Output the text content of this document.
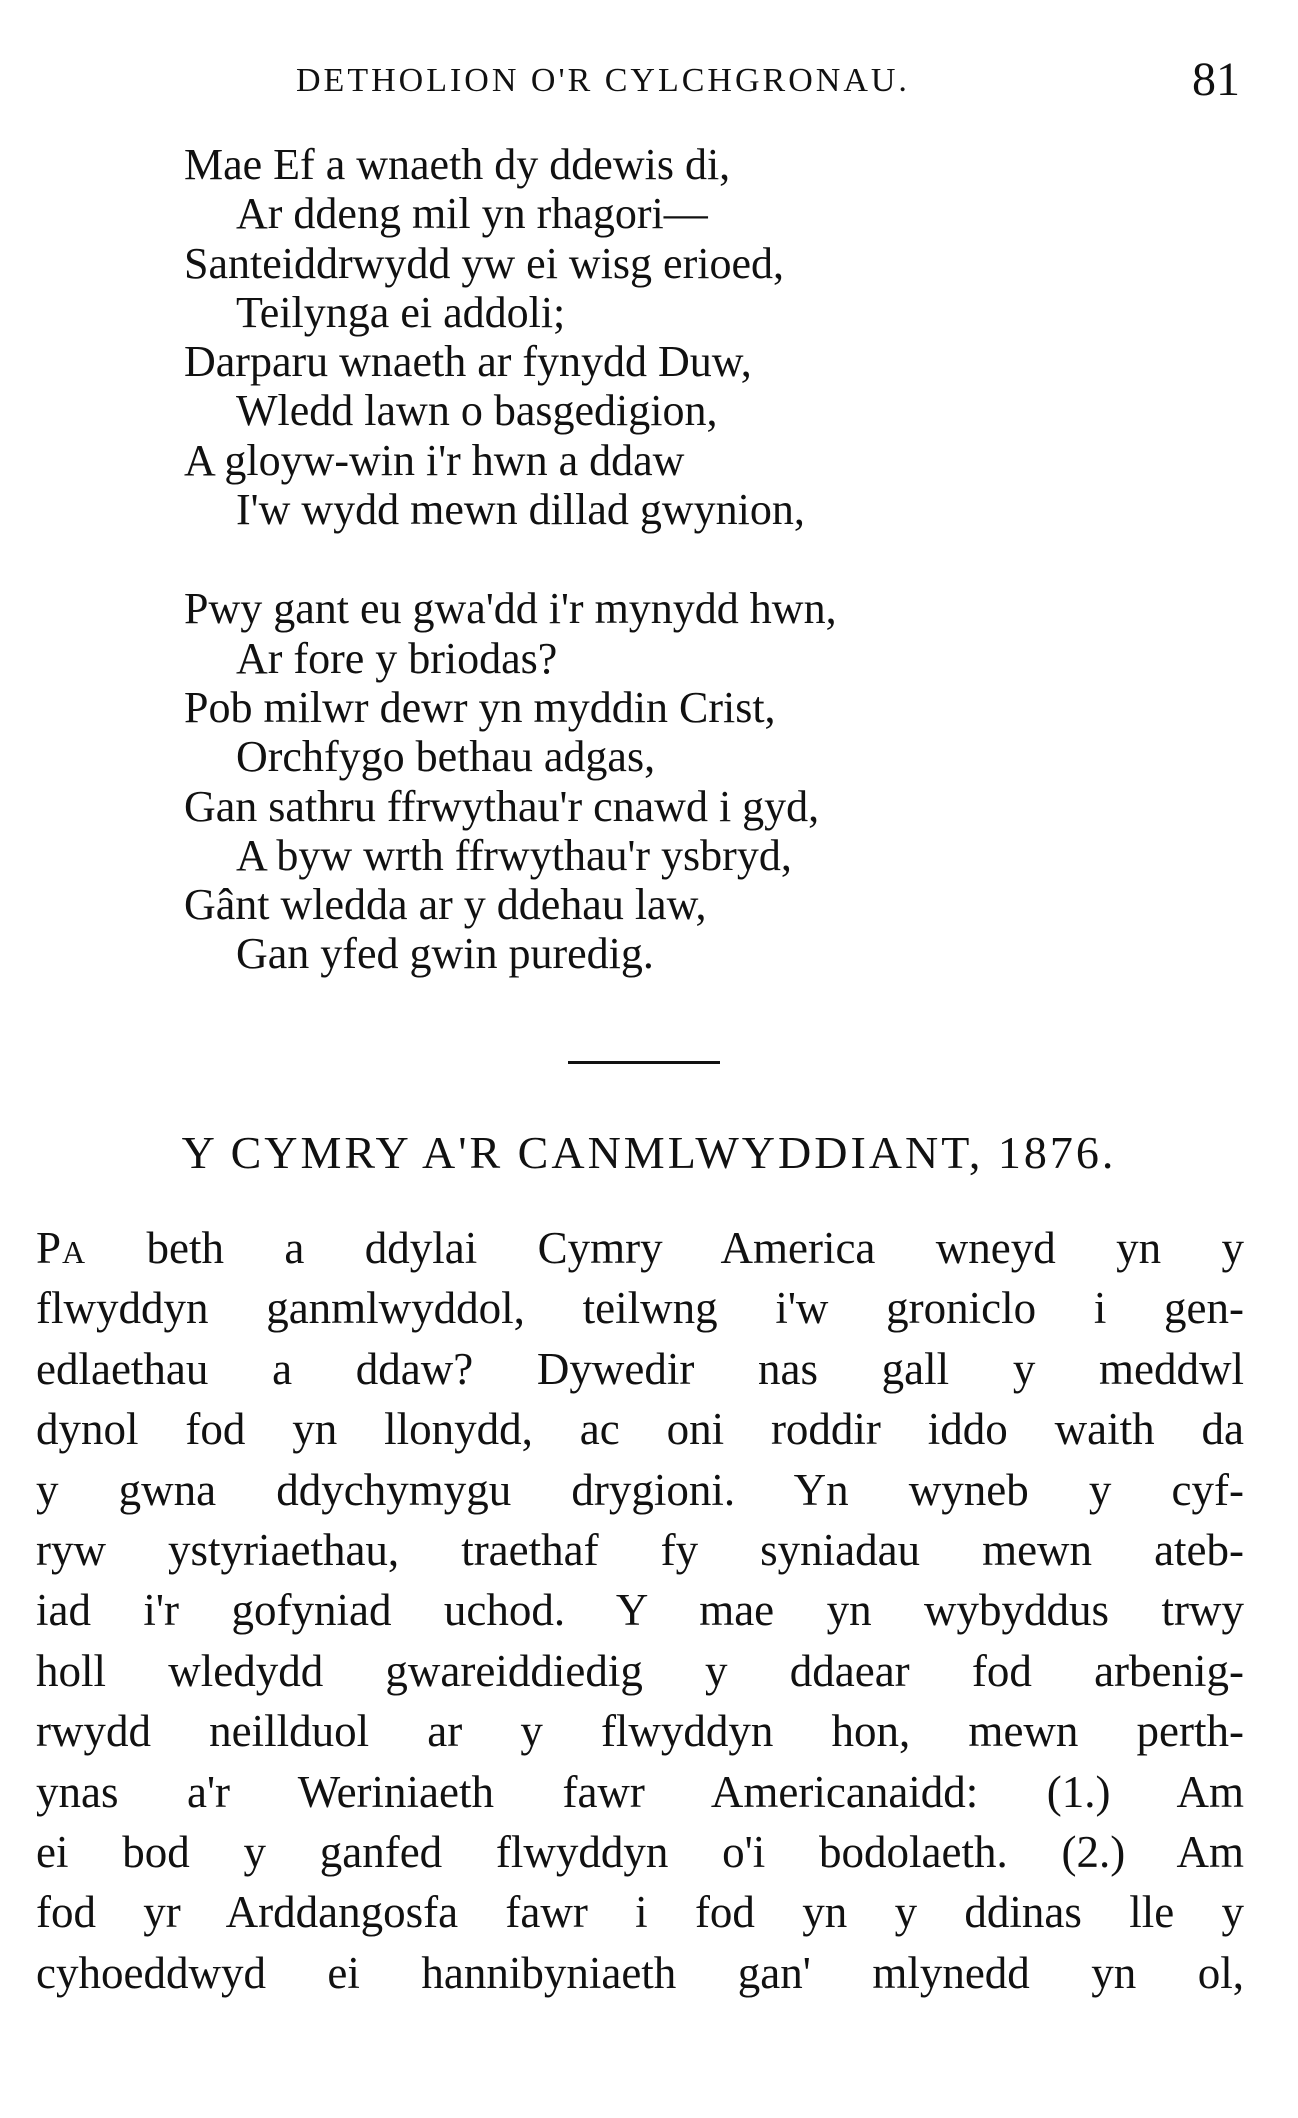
DETHOLION O'R CYLCHGRONAU.	81
Mae Ef a wnaeth dy ddewis di,
Ar ddeng mil yn rhagori—
Santeiddrwydd yw ei wisg erioed,
Teilynga ei addoli;
Darparu wnaeth ar fynydd Duw,
Wledd lawn o basgedigion,
A gloyw-win i'r hwn a ddaw
I'w wydd mewn dillad gwynion,
Pwy gant eu gwa'dd i'r mynydd hwn,
Ar fore y briodas?
Pob milwr dewr yn myddin Crist,
Orchfygo bethau adgas,
Gan sathru ffrwythau'r cnawd i gyd,
A byw wrth ffrwythau'r ysbryd,
Gânt wledda ar y ddehau law,
Gan yfed gwin puredig.
Y CYMRY A'R CANMLWYDDIANT, 1876.
Pa beth a ddylai Cymry America wneyd yn y
flwyddyn ganmlwyddol, teilwng i'w groniclo i gen-
edlaethau a ddaw? Dywedir nas gall y meddwl
dynol fod yn llonydd, ac oni roddir iddo waith da
y gwna ddychymygu drygioni. Yn wyneb y cyf-
ryw ystyriaethau, traethaf fy syniadau mewn ateb-
iad i'r gofyniad uchod. Y mae yn wybyddus trwy
holl wledydd gwareiddiedig y ddaear fod arbenig-
rwydd neillduol ar y flwyddyn hon, mewn perth-
ynas a'r Weriniaeth fawr Americanaidd: (1.) Am
ei bod y ganfed flwyddyn o'i bodolaeth. (2.) Am
fod yr Arddangosfa fawr i fod yn y ddinas lle y
cyhoeddwyd ei hannibyniaeth gan' mlynedd yn ol,
